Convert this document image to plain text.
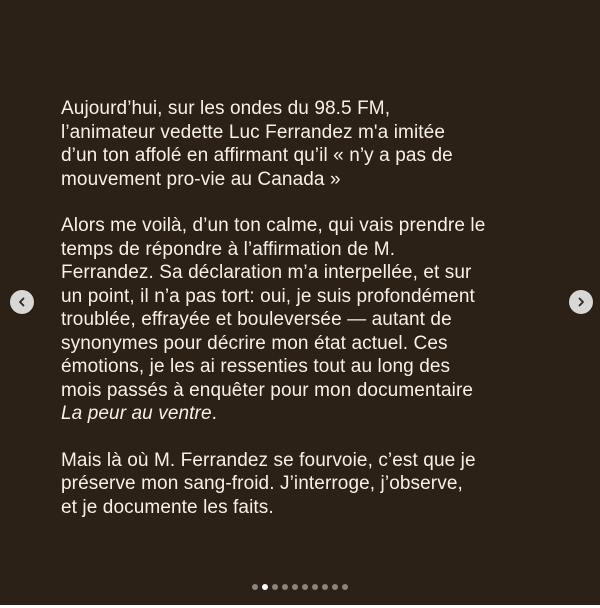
Aujourd’hui, sur les ondes du 98.5 FM,
l’animateur vedette Luc Ferrandez m'a imitée
d’un ton affolé en affirmant qu’il « n’y a pas de
mouvement pro-vie au Canada »

Alors me voilà, d’un ton calme, qui vais prendre le
temps de répondre à l’affirmation de M.
Ferrandez. Sa déclaration m’a interpellée, et sur
un point, il n’a pas tort: oui, je suis profondément
troublée, effrayée et bouleversée — autant de
synonymes pour décrire mon état actuel. Ces
émotions, je les ai ressenties tout au long des
mois passés à enquêter pour mon documentaire
La peur au ventre.

Mais là où M. Ferrandez se fourvoie, c’est que je
préserve mon sang-froid. J’interroge, j’observe,
et je documente les faits.
